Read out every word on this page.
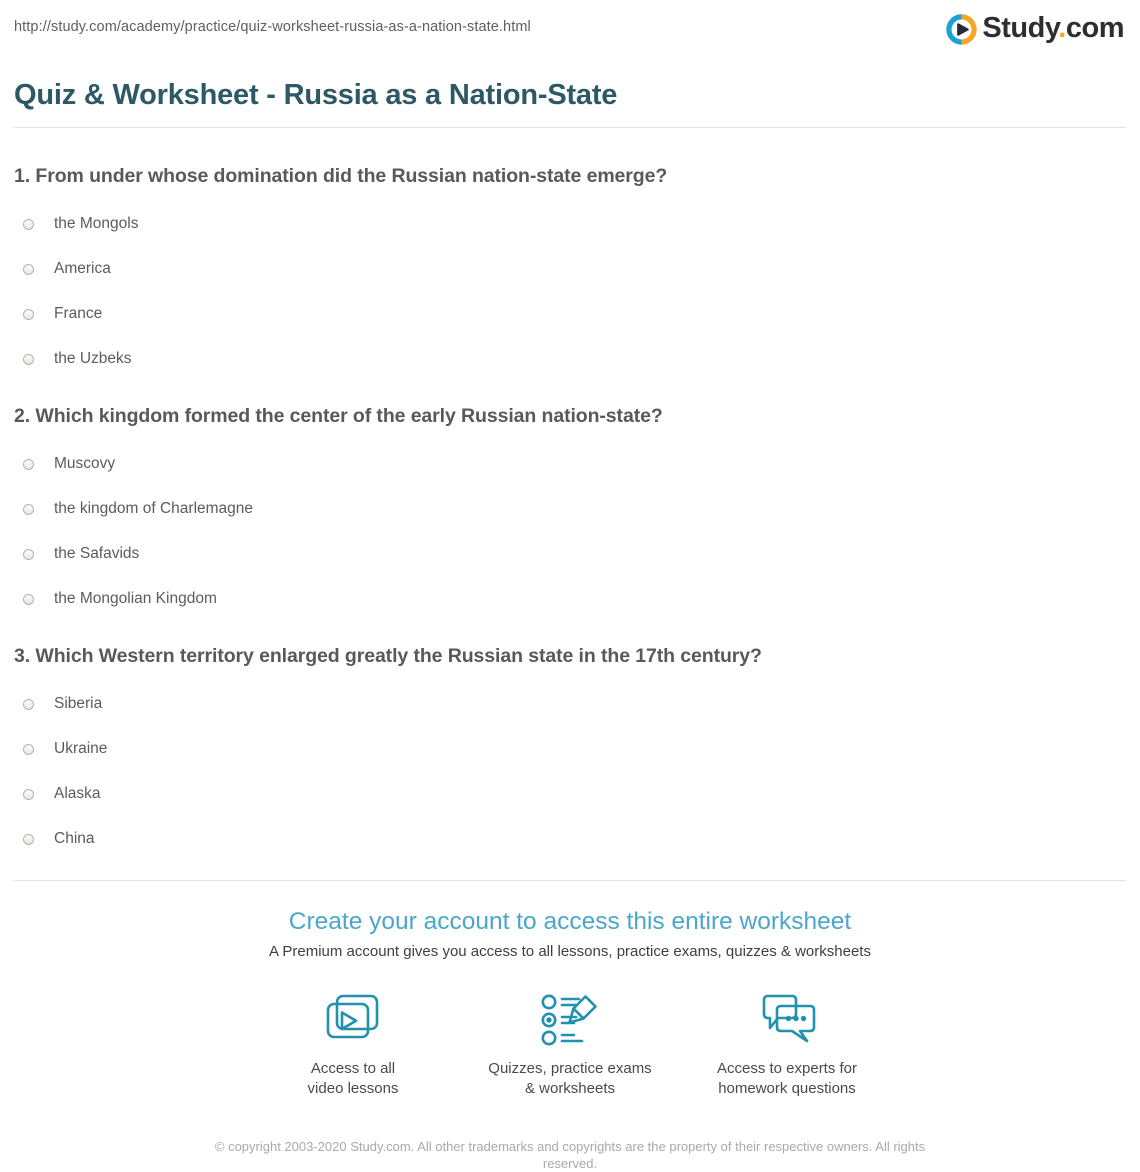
http://study.com/academy/practice/quiz-worksheet-russia-as-a-nation-state.html	Study.com
Quiz & Worksheet - Russia as a Nation-State

1. From under whose domination did the Russian nation-state emerge?

the Mongols
America
France
the Uzbeks

2. Which kingdom formed the center of the early Russian nation-state?

Muscovy
the kingdom of Charlemagne
the Safavids
the Mongolian Kingdom

3. Which Western territory enlarged greatly the Russian state in the 17th century?

Siberia
Ukraine
Alaska
China
Create your account to access this entire worksheet

A Premium account gives you access to all lessons, practice exams, quizzes & worksheets

Access to all
video lessons
Quizzes, practice exams
& worksheets
Access to experts for
homework questions
© copyright 2003-2020 Study.com. All other trademarks and copyrights are the property of their respective owners. All rights reserved.
